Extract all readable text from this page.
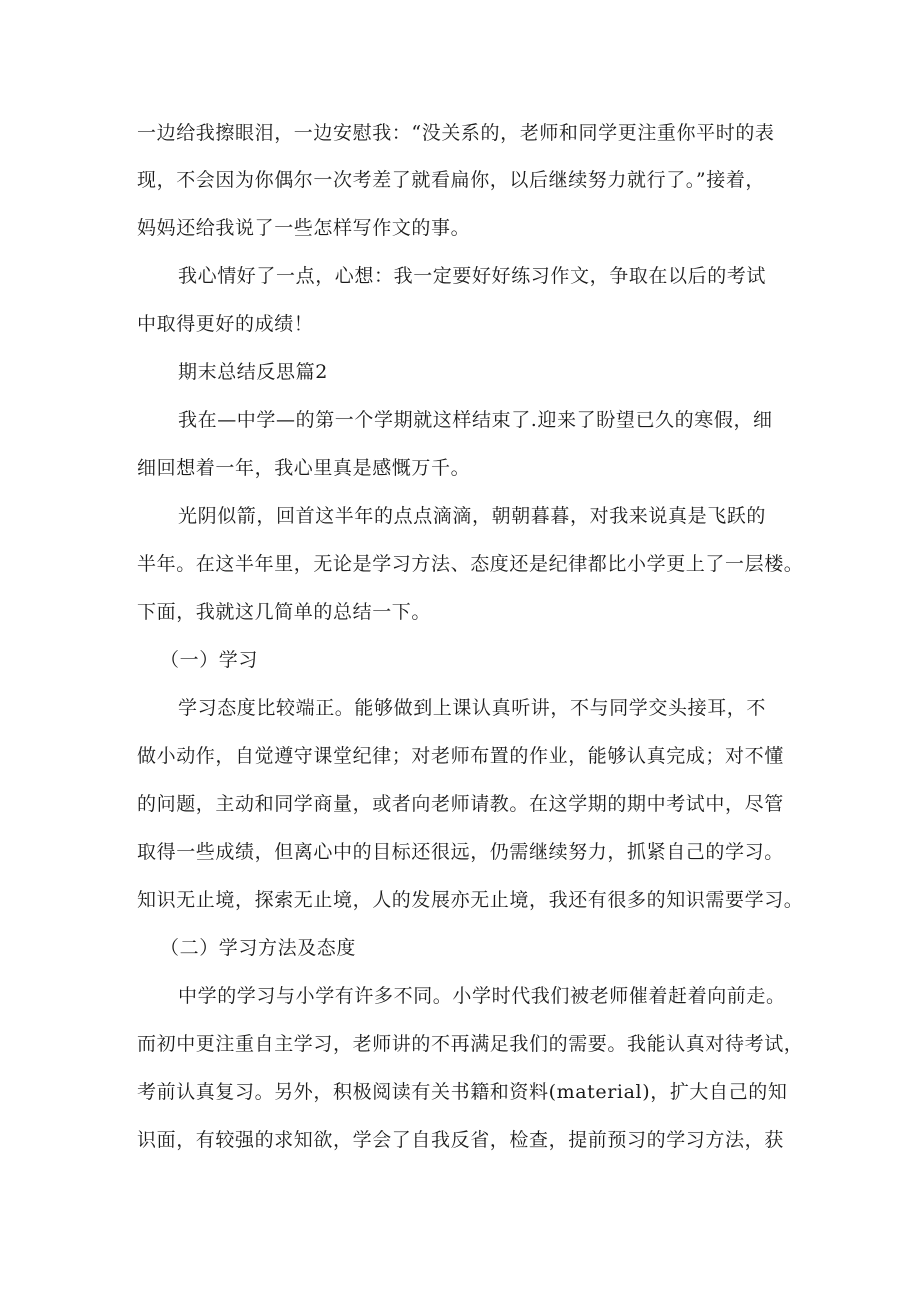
一边给我擦眼泪，一边安慰我：“没关系的，老师和同学更注重你平时的表
现，不会因为你偶尔一次考差了就看扁你，以后继续努力就行了。”接着，
妈妈还给我说了一些怎样写作文的事。
我心情好了一点，心想：我一定要好好练习作文，争取在以后的考试
中取得更好的成绩！
期末总结反思篇2
我在—中学—的第一个学期就这样结束了.迎来了盼望已久的寒假，细
细回想着一年，我心里真是感慨万千。
光阴似箭，回首这半年的点点滴滴，朝朝暮暮，对我来说真是飞跃的
半年。在这半年里，无论是学习方法、态度还是纪律都比小学更上了一层楼。
下面，我就这几简单的总结一下。
（一）学习
学习态度比较端正。能够做到上课认真听讲，不与同学交头接耳，不
做小动作，自觉遵守课堂纪律；对老师布置的作业，能够认真完成；对不懂
的问题，主动和同学商量，或者向老师请教。在这学期的期中考试中，尽管
取得一些成绩，但离心中的目标还很远，仍需继续努力，抓紧自己的学习。
知识无止境，探索无止境，人的发展亦无止境，我还有很多的知识需要学习。
（二）学习方法及态度
中学的学习与小学有许多不同。小学时代我们被老师催着赶着向前走。
而初中更注重自主学习，老师讲的不再满足我们的需要。我能认真对待考试，
考前认真复习。另外，积极阅读有关书籍和资料(material)，扩大自己的知
识面，有较强的求知欲，学会了自我反省，检查，提前预习的学习方法，获
